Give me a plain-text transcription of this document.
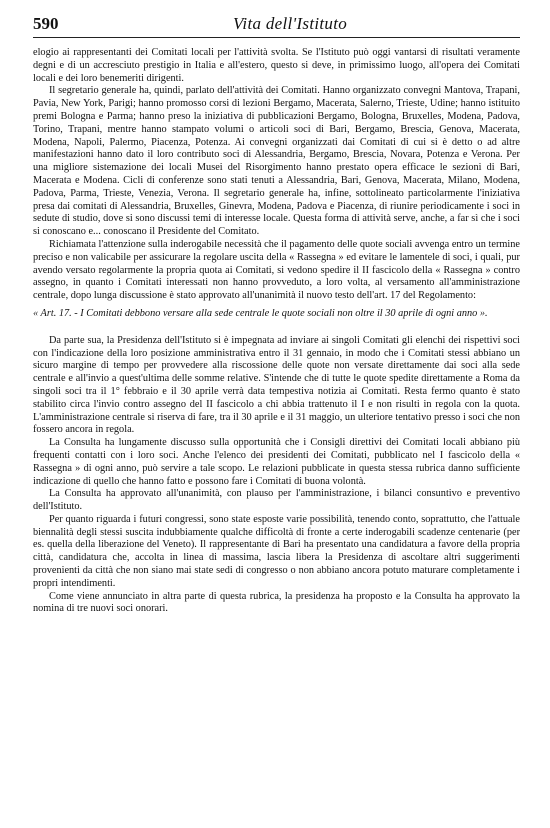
590	Vita dell'Istituto

elogio ai rappresentanti dei Comitati locali per l'attività svolta. Se l'Istituto può oggi vantarsi di risultati veramente degni e di un accresciuto prestigio in Italia e all'estero, questo si deve, in primissimo luogo, all'opera dei Comitati locali e dei loro benemeriti dirigenti.

Il segretario generale ha, quindi, parlato dell'attività dei Comitati. Hanno organizzato convegni Mantova, Trapani, Pavia, New York, Parigi; hanno promosso corsi di lezioni Bergamo, Macerata, Salerno, Trieste, Udine; hanno istituito premi Bologna e Parma; hanno preso la iniziativa di pubblicazioni Bergamo, Bologna, Bruxelles, Modena, Padova, Torino, Trapani, mentre hanno stampato volumi o articoli soci di Bari, Bergamo, Brescia, Genova, Macerata, Modena, Napoli, Palermo, Piacenza, Potenza. Ai convegni organizzati dai Comitati di cui si è detto o ad altre manifestazioni hanno dato il loro contributo soci di Alessandria, Bergamo, Brescia, Novara, Potenza e Verona. Per una migliore sistemazione dei locali Musei del Risorgimento hanno prestato opera efficace le sezioni di Bari, Macerata e Modena. Cicli di conferenze sono stati tenuti a Alessandria, Bari, Genova, Macerata, Milano, Modena, Padova, Parma, Trieste, Venezia, Verona. Il segretario generale ha, infine, sottolineato particolarmente l'iniziativa presa dai comitati di Alessandria, Bruxelles, Ginevra, Modena, Padova e Piacenza, di riunire periodicamente i soci in sedute di studio, dove si sono discussi temi di interesse locale. Questa forma di attività serve, anche, a far sì che i soci si conoscano e... conoscano il Presidente del Comitato.

Richiamata l'attenzione sulla inderogabile necessità che il pagamento delle quote sociali avvenga entro un termine preciso e non valicabile per assicurare la regolare uscita della « Rassegna » ed evitare le lamentele di soci, i quali, pur avendo versato regolarmente la propria quota ai Comitati, si vedono spedire il II fascicolo della « Rassegna » contro assegno, in quanto i Comitati interessati non hanno provveduto, a loro volta, al versamento all'amministrazione centrale, dopo lunga discussione è stato approvato all'unanimità il nuovo testo dell'art. 17 del Regolamento:

« Art. 17. - I Comitati debbono versare alla sede centrale le quote sociali non oltre il 30 aprile di ogni anno ».

Da parte sua, la Presidenza dell'Istituto si è impegnata ad inviare ai singoli Comitati gli elenchi dei rispettivi soci con l'indicazione della loro posizione amministrativa entro il 31 gennaio, in modo che i Comitati stessi abbiano un sicuro margine di tempo per provvedere alla riscossione delle quote non versate direttamente dai soci alla sede centrale e all'invio a quest'ultima delle somme relative. S'intende che di tutte le quote spedite direttamente a Roma da singoli soci tra il 1° febbraio e il 30 aprile verrà data tempestiva notizia ai Comitati. Resta fermo quanto è stato stabilito circa l'invio contro assegno del II fascicolo a chi abbia trattenuto il I e non risulti in regola con la quota. L'amministrazione centrale si riserva di fare, tra il 30 aprile e il 31 maggio, un ulteriore tentativo presso i soci che non fossero ancora in regola.

La Consulta ha lungamente discusso sulla opportunità che i Consigli direttivi dei Comitati locali abbiano più frequenti contatti con i loro soci. Anche l'elenco dei presidenti dei Comitati, pubblicato nel I fascicolo della « Rassegna » di ogni anno, può servire a tale scopo. Le relazioni pubblicate in questa stessa rubrica danno sufficiente indicazione di quello che hanno fatto e possono fare i Comitati di buona volontà.

La Consulta ha approvato all'unanimità, con plauso per l'amministrazione, i bilanci consuntivo e preventivo dell'Istituto.

Per quanto riguarda i futuri congressi, sono state esposte varie possibilità, tenendo conto, soprattutto, che l'attuale biennalità degli stessi suscita indubbiamente qualche difficoltà di fronte a certe inderogabili scadenze centenarie (per es. quella della liberazione del Veneto). Il rappresentante di Bari ha presentato una candidatura a favore della propria città, candidatura che, accolta in linea di massima, lascia libera la Presidenza di ascoltare altri suggerimenti provenienti da città che non siano mai state sedi di congresso o non abbiano ancora potuto maturare completamente i propri intendimenti.

Come viene annunciato in altra parte di questa rubrica, la presidenza ha proposto e la Consulta ha approvato la nomina di tre nuovi soci onorari.
